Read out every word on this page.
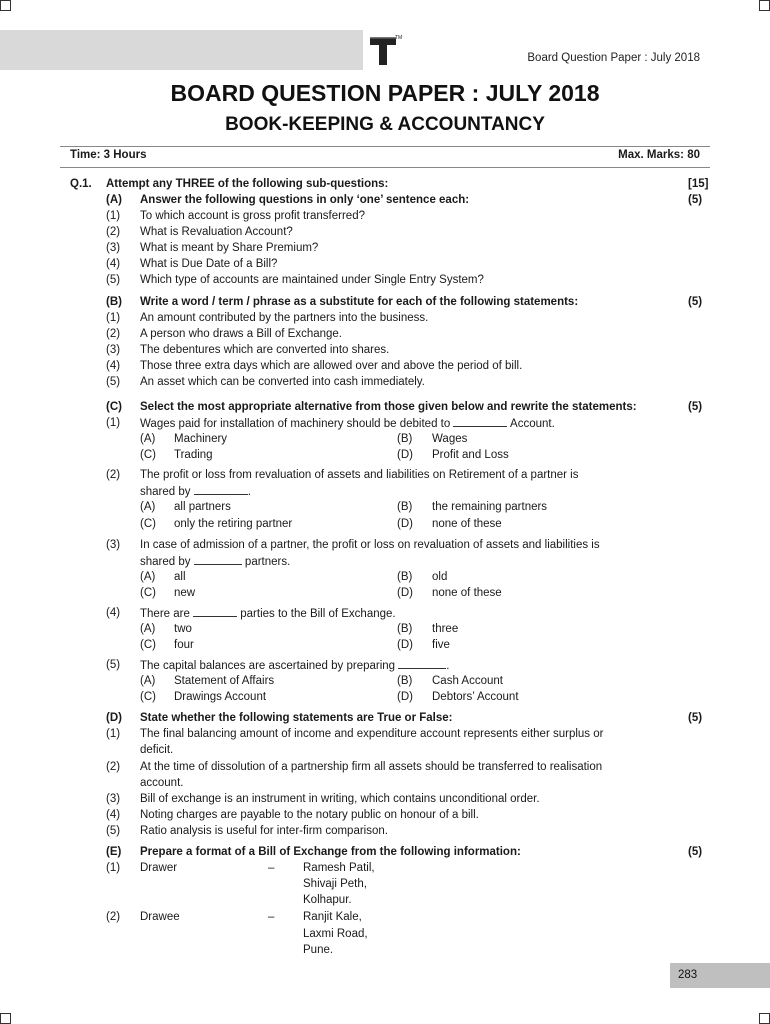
TM
Board Question Paper : July 2018
BOARD QUESTION PAPER : JULY 2018
BOOK-KEEPING & ACCOUNTANCY
Time: 3 Hours	Max. Marks: 80
Q.1. Attempt any THREE of the following sub-questions:	[15]
(A) Answer the following questions in only ‘one’ sentence each:	(5)
(1) To which account is gross profit transferred?
(2) What is Revaluation Account?
(3) What is meant by Share Premium?
(4) What is Due Date of a Bill?
(5) Which type of accounts are maintained under Single Entry System?
(B) Write a word / term / phrase as a substitute for each of the following statements:	(5)
(1) An amount contributed by the partners into the business.
(2) A person who draws a Bill of Exchange.
(3) The debentures which are converted into shares.
(4) Those three extra days which are allowed over and above the period of bill.
(5) An asset which can be converted into cash immediately.
(C) Select the most appropriate alternative from those given below and rewrite the statements:	(5)
(1) Wages paid for installation of machinery should be debited to	Account.
(A) Machinery	(B) Wages
(C) Trading	(D) Profit and Loss
(2) The profit or loss from revaluation of assets and liabilities on Retirement of a partner is
shared by	.
(A) all partners	(B) the remaining partners
(C) only the retiring partner	(D) none of these
(3) In case of admission of a partner, the profit or loss on revaluation of assets and liabilities is
shared by	partners.
(A) all	(B) old
(C) new	(D) none of these
(4) There are	parties to the Bill of Exchange.
(A) two	(B) three
(C) four	(D) five
(5) The capital balances are ascertained by preparing	.
(A) Statement of Affairs	(B) Cash Account
(C) Drawings Account	(D) Debtors’ Account
(D) State whether the following statements are True or False:	(5)
(1) The final balancing amount of income and expenditure account represents either surplus or
deficit.
(2) At the time of dissolution of a partnership firm all assets should be transferred to realisation
account.
(3) Bill of exchange is an instrument in writing, which contains unconditional order.
(4) Noting charges are payable to the notary public on honour of a bill.
(5) Ratio analysis is useful for inter-firm comparison.
(E) Prepare a format of a Bill of Exchange from the following information:	(5)
(1) Drawer	– Ramesh Patil,
Shivaji Peth,
Kolhapur.
(2) Drawee	– Ranjit Kale,
Laxmi Road,
Pune.
283
